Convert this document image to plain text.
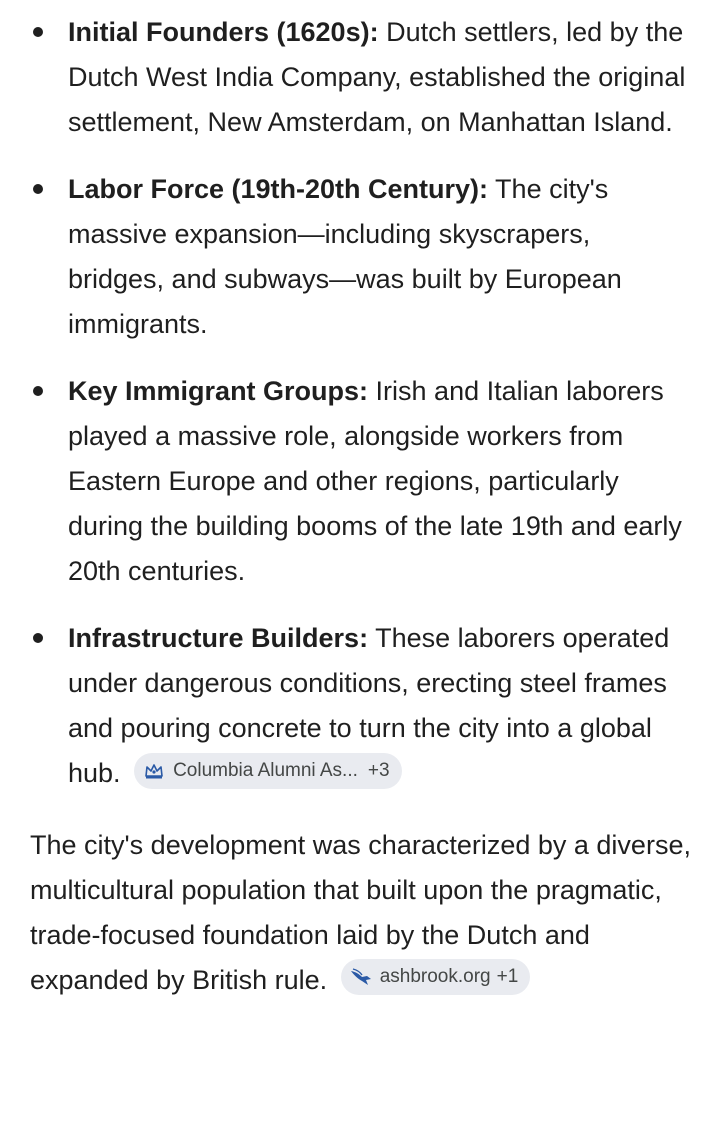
Initial Founders (1620s): Dutch settlers, led by the Dutch West India Company, established the original settlement, New Amsterdam, on Manhattan Island.
Labor Force (19th-20th Century): The city's massive expansion—including skyscrapers, bridges, and subways—was built by European immigrants.
Key Immigrant Groups: Irish and Italian laborers played a massive role, alongside workers from Eastern Europe and other regions, particularly during the building booms of the late 19th and early 20th centuries.
Infrastructure Builders: These laborers operated under dangerous conditions, erecting steel frames and pouring concrete to turn the city into a global hub.	Columbia Alumni As... +3

The city's development was characterized by a diverse, multicultural population that built upon the pragmatic, trade-focused foundation laid by the Dutch and expanded by British rule.	ashbrook.org +1
